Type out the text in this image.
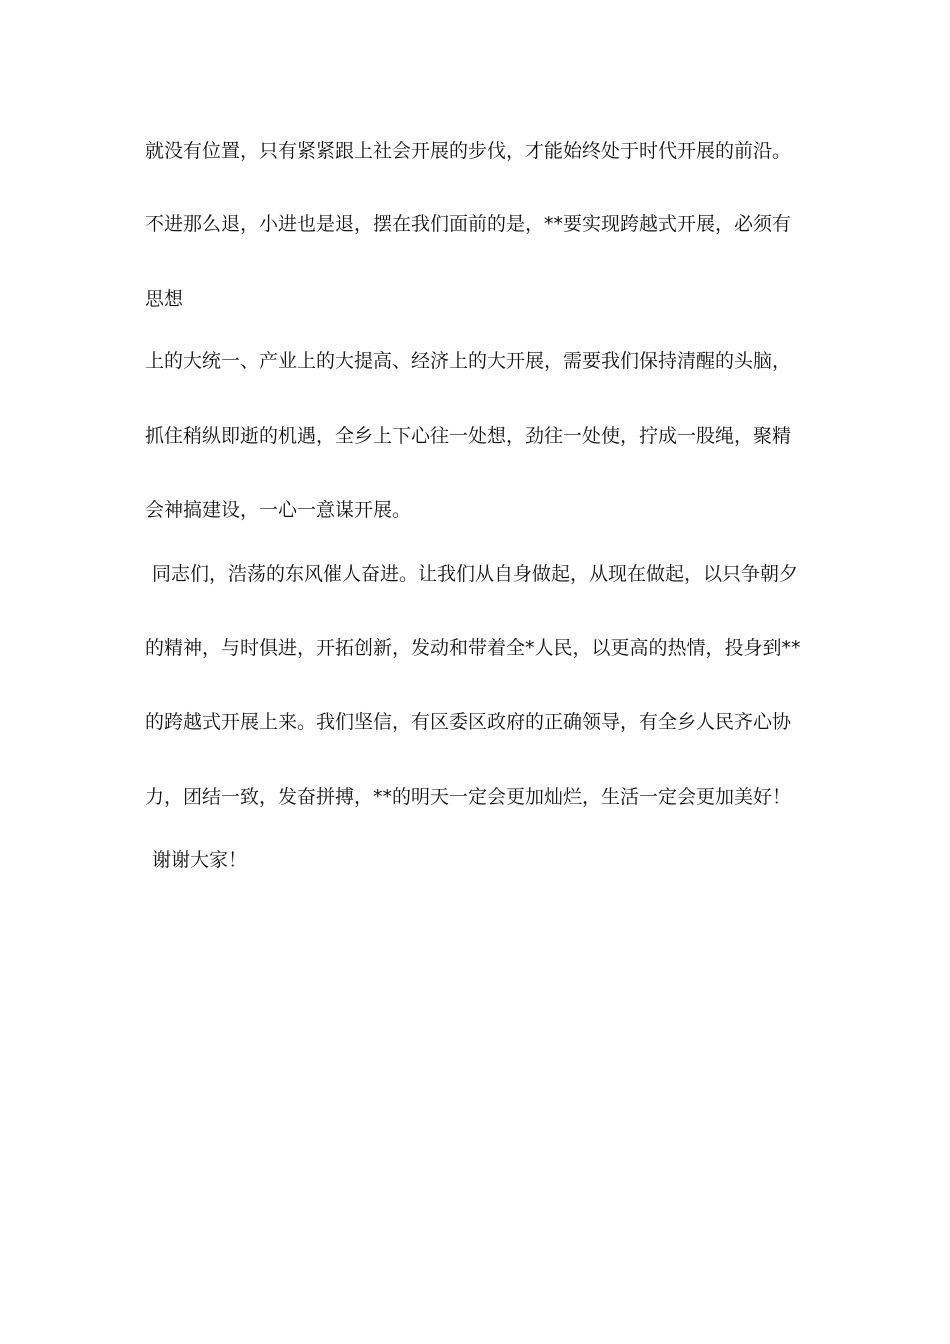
就没有位置，只有紧紧跟上社会开展的步伐，才能始终处于时代开展的前沿。
不进那么退，小进也是退，摆在我们面前的是，**要实现跨越式开展，必须有
思想
上的大统一、产业上的大提高、经济上的大开展，需要我们保持清醒的头脑，
抓住稍纵即逝的机遇，全乡上下心往一处想，劲往一处使，拧成一股绳，聚精
会神搞建设，一心一意谋开展。
同志们，浩荡的东风催人奋进。让我们从自身做起，从现在做起，以只争朝夕
的精神，与时俱进，开拓创新，发动和带着全*人民，以更高的热情，投身到**
的跨越式开展上来。我们坚信，有区委区政府的正确领导，有全乡人民齐心协
力，团结一致，发奋拼搏，**的明天一定会更加灿烂，生活一定会更加美好！
谢谢大家！
